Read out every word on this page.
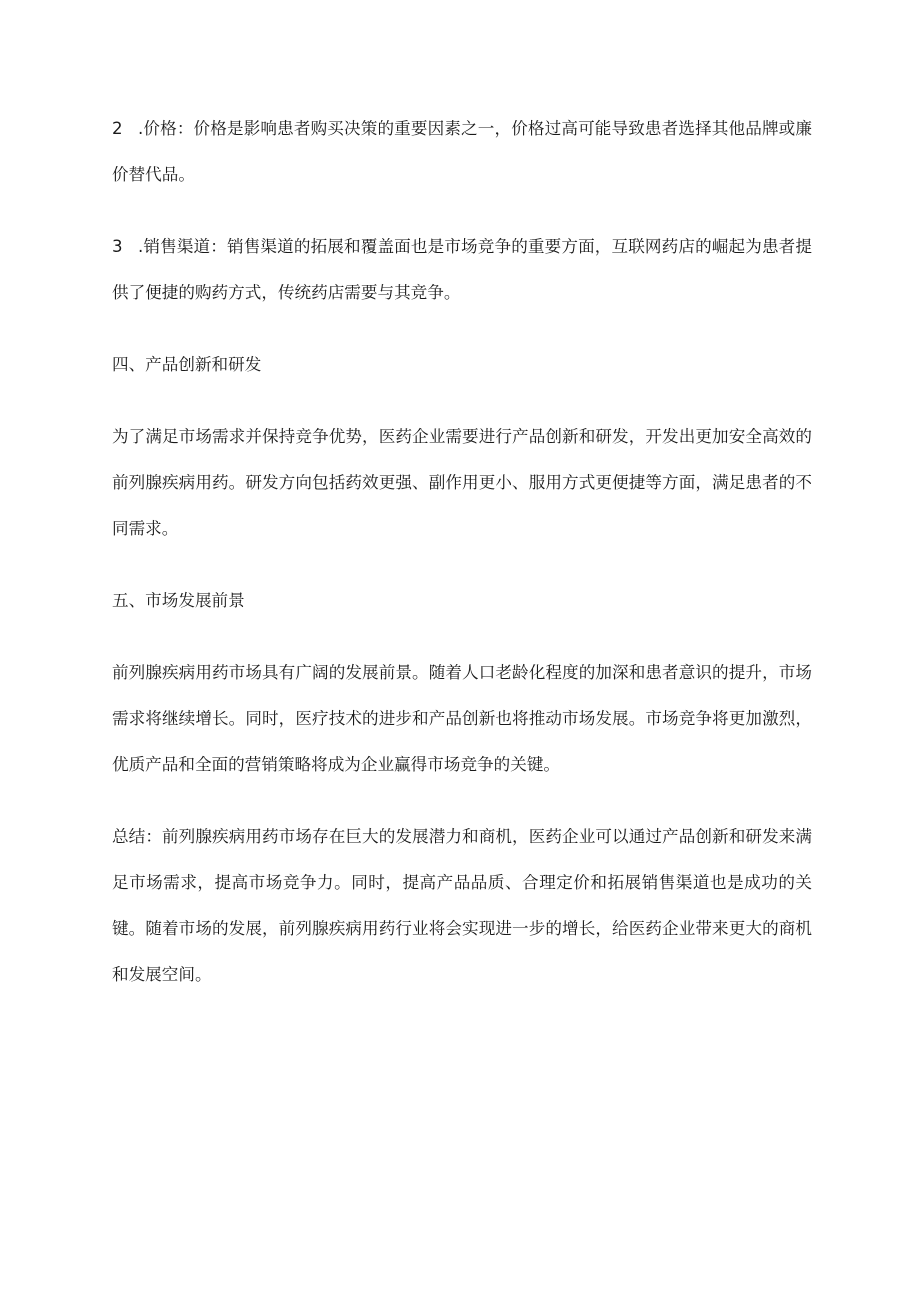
2 .价格：价格是影响患者购买决策的重要因素之一，价格过高可能导致患者选择其他品牌或廉价替代品。

3 .销售渠道：销售渠道的拓展和覆盖面也是市场竞争的重要方面，互联网药店的崛起为患者提供了便捷的购药方式，传统药店需要与其竞争。

四、产品创新和研发

为了满足市场需求并保持竞争优势，医药企业需要进行产品创新和研发，开发出更加安全高效的前列腺疾病用药。研发方向包括药效更强、副作用更小、服用方式更便捷等方面，满足患者的不同需求。

五、市场发展前景

前列腺疾病用药市场具有广阔的发展前景。随着人口老龄化程度的加深和患者意识的提升，市场需求将继续增长。同时，医疗技术的进步和产品创新也将推动市场发展。市场竞争将更加激烈，优质产品和全面的营销策略将成为企业赢得市场竞争的关键。

总结：前列腺疾病用药市场存在巨大的发展潜力和商机，医药企业可以通过产品创新和研发来满足市场需求，提高市场竞争力。同时，提高产品品质、合理定价和拓展销售渠道也是成功的关键。随着市场的发展，前列腺疾病用药行业将会实现进一步的增长，给医药企业带来更大的商机和发展空间。
